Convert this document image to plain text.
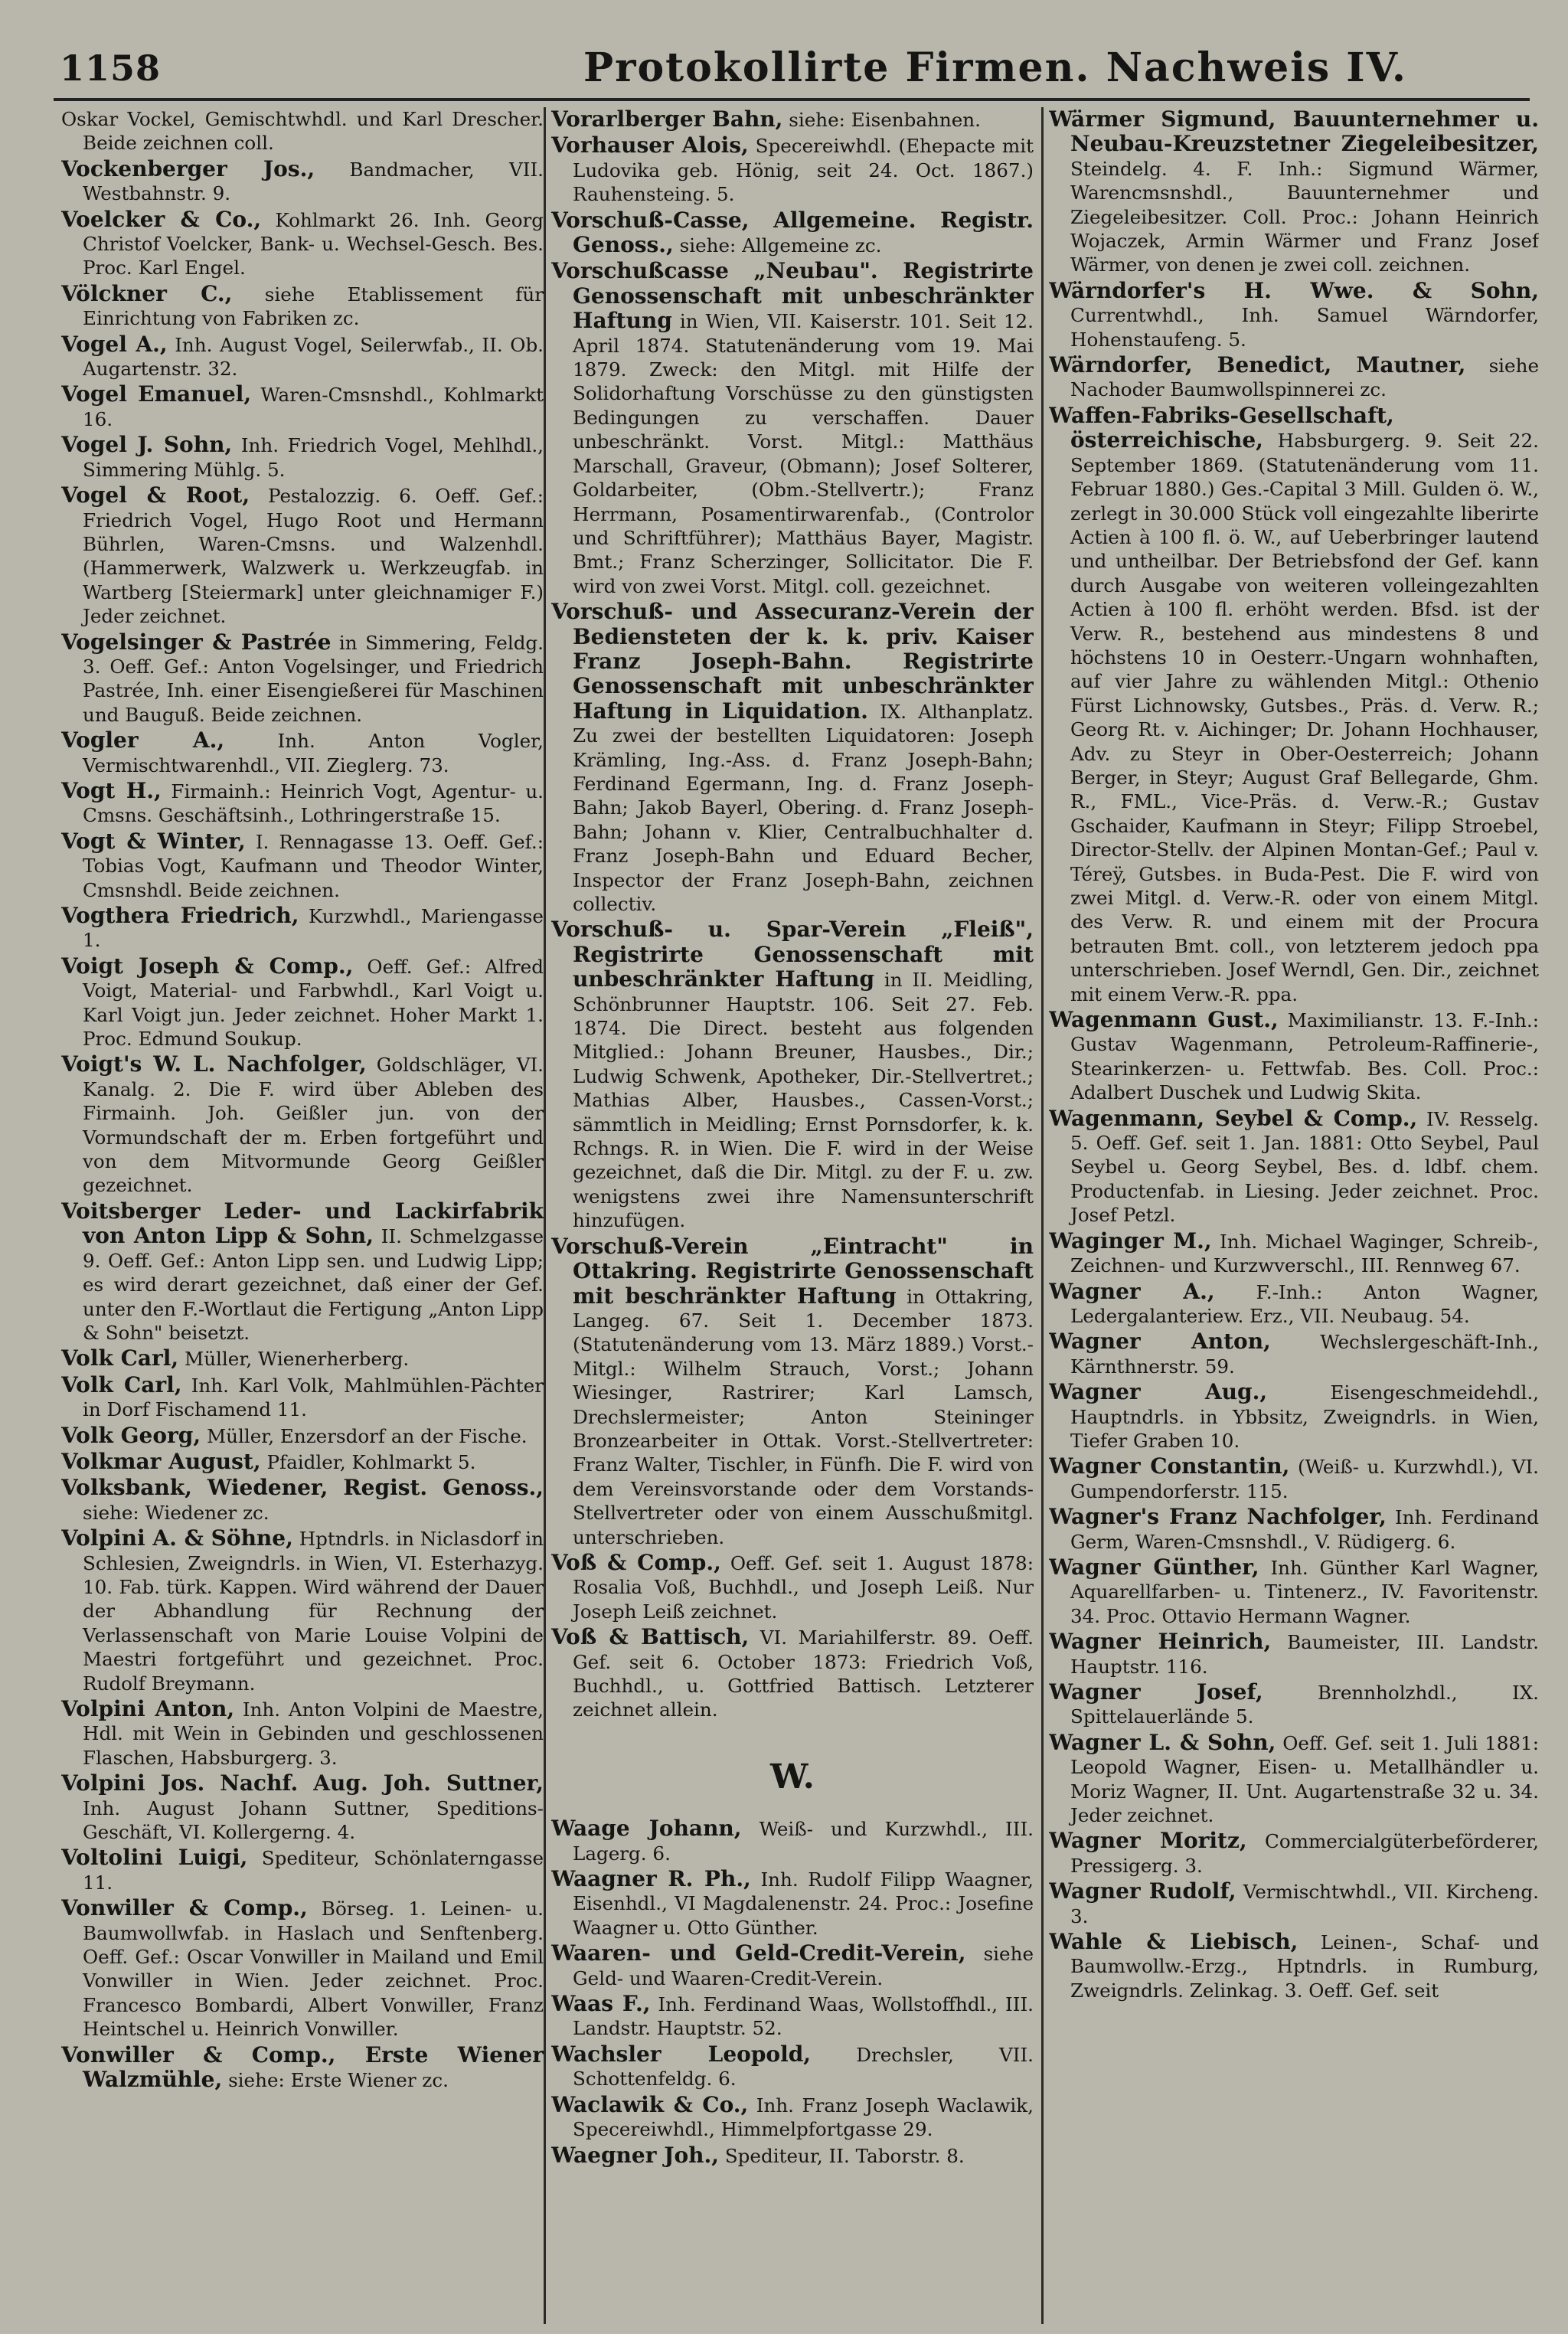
1158	Protokollirte Firmen. Nachweis IV.

Oskar Vockel, Gemischtwhdl. und Karl Drescher. Beide zeichnen coll.

Vockenberger Jos., Bandmacher, VII. Westbahnstr. 9.

Voelcker & Co., Kohlmarkt 26. Inh. Georg Christof Voelcker, Bank- u. Wechsel-Gesch. Bes. Proc. Karl Engel.

Völckner C., siehe Etablissement für Einrichtung von Fabriken zc.

Vogel A., Inh. August Vogel, Seilerwfab., II. Ob. Augartenstr. 32.

Vogel Emanuel, Waren-Cmsnshdl., Kohlmarkt 16.

Vogel J. Sohn, Inh. Friedrich Vogel, Mehlhdl., Simmering Mühlg. 5.

Vogel & Root, Pestalozzig. 6. Oeff. Gef.: Friedrich Vogel, Hugo Root und Hermann Bührlen, Waren-Cmsns. und Walzenhdl. (Hammerwerk, Walzwerk u. Werkzeugfab. in Wartberg [Steiermark] unter gleichnamiger F.) Jeder zeichnet.

Vogelsinger & Pastrée in Simmering, Feldg. 3. Oeff. Gef.: Anton Vogelsinger, und Friedrich Pastrée, Inh. einer Eisengießerei für Maschinen und Bauguß. Beide zeichnen.

Vogler A.,	Inh. Anton Vogler, Vermischtwarenhdl., VII. Zieglerg. 73.

Vogt H., Firmainh.: Heinrich Vogt, Agentur- u. Cmsns. Geschäftsinh., Lothringerstraße 15.

Vogt & Winter, I. Rennagasse 13. Oeff. Gef.: Tobias Vogt, Kaufmann und Theodor Winter, Cmsnshdl. Beide zeichnen.

Vogthera Friedrich, Kurzwhdl., Mariengasse 1.

Voigt Joseph & Comp., Oeff. Gef.: Alfred Voigt, Material- und Farbwhdl., Karl Voigt u. Karl Voigt jun. Jeder zeichnet. Hoher Markt 1. Proc. Edmund Soukup.

Voigt's W. L. Nachfolger, Goldschläger, VI. Kanalg. 2. Die F. wird über Ableben des Firmainh. Joh. Geißler jun. von der Vormundschaft der m. Erben fortgeführt und von dem Mitvormunde Georg Geißler gezeichnet.

Voitsberger Leder- und Lackirfabrik von Anton Lipp & Sohn, II. Schmelzgasse 9. Oeff. Gef.: Anton Lipp sen. und Ludwig Lipp; es wird derart gezeichnet, daß einer der Gef. unter den F.-Wortlaut die Fertigung „Anton Lipp & Sohn" beisetzt.

Volk Carl, Müller, Wienerherberg.

Volk Carl, Inh. Karl Volk, Mahlmühlen-Pächter in Dorf Fischamend 11.

Volk Georg, Müller, Enzersdorf an der Fische.

Volkmar August, Pfaidler, Kohlmarkt 5.

Volksbank, Wiedener, Regist. Genoss., siehe: Wiedener zc.

Volpini A. & Söhne, Hptndrls. in Niclasdorf in Schlesien, Zweigndrls. in Wien, VI. Esterhazyg. 10. Fab. türk. Kappen. Wird während der Dauer der Abhandlung für Rechnung der Verlassenschaft von Marie Louise Volpini de Maestri fortgeführt und gezeichnet. Proc. Rudolf Breymann.

Volpini Anton, Inh. Anton Volpini de Maestre, Hdl. mit Wein in Gebinden und geschlossenen Flaschen, Habsburgerg. 3.

Volpini Jos. Nachf. Aug. Joh. Suttner, Inh. August Johann Suttner, Speditions-Geschäft, VI. Kollergerng. 4.

Voltolini Luigi, Spediteur, Schönlaterngasse 11.

Vonwiller & Comp., Börseg. 1. Leinen- u. Baumwollwfab. in Haslach und Senftenberg. Oeff. Gef.: Oscar Vonwiller in Mailand und Emil Vonwiller in Wien. Jeder zeichnet. Proc. Francesco Bombardi, Albert Vonwiller, Franz Heintschel u. Heinrich Vonwiller.

Vonwiller & Comp., Erste Wiener Walzmühle, siehe: Erste Wiener zc.

Vorarlberger Bahn, siehe: Eisenbahnen.

Vorhauser Alois, Specereiwhdl. (Ehepacte mit Ludovika geb. Hönig, seit 24. Oct. 1867.) Rauhensteing. 5.

Vorschuß-Casse, Allgemeine. Registr. Genoss., siehe: Allgemeine zc.

Vorschußcasse „Neubau". Registrirte Genossenschaft mit unbeschränkter Haftung in Wien, VII. Kaiserstr. 101. Seit 12. April 1874. Statutenänderung vom 19. Mai 1879. Zweck: den Mitgl. mit Hilfe der Solidorhaftung Vorschüsse zu den günstigsten Bedingungen zu verschaffen. Dauer unbeschränkt. Vorst. Mitgl.: Matthäus Marschall, Graveur, (Obmann); Josef Solterer, Goldarbeiter, (Obm.-Stellvertr.); Franz Herrmann, Posamentirwarenfab., (Controlor und Schriftführer); Matthäus Bayer, Magistr. Bmt.; Franz Scherzinger, Sollicitator. Die F. wird von zwei Vorst. Mitgl. coll. gezeichnet.

Vorschuß- und Assecuranz-Verein der Bediensteten der k. k. priv. Kaiser Franz Joseph-Bahn. Registrirte Genossenschaft mit unbeschränkter Haftung in Liquidation. IX. Althanplatz. Zu zwei der bestellten Liquidatoren: Joseph Krämling, Ing.-Ass. d. Franz Joseph-Bahn; Ferdinand Egermann, Ing. d. Franz Joseph-Bahn; Jakob Bayerl, Obering. d. Franz Joseph-Bahn; Johann v. Klier, Centralbuchhalter d. Franz Joseph-Bahn und Eduard Becher, Inspector der Franz Joseph-Bahn, zeichnen collectiv.

Vorschuß- u. Spar-Verein „Fleiß", Registrirte Genossenschaft mit unbeschränkter Haftung in II. Meidling, Schönbrunner Hauptstr. 106. Seit 27. Feb. 1874. Die Direct. besteht aus folgenden Mitglied.: Johann Breuner, Hausbes., Dir.; Ludwig Schwenk, Apotheker, Dir.-Stellvertret.; Mathias Alber, Hausbes., Cassen-Vorst.; sämmtlich in Meidling; Ernst Pornsdorfer, k. k. Rchngs. R. in Wien. Die F. wird in der Weise gezeichnet, daß die Dir. Mitgl. zu der F. u. zw. wenigstens zwei ihre Namensunterschrift hinzufügen.

Vorschuß-Verein „Eintracht" in Ottakring. Registrirte Genossenschaft mit beschränkter Haftung in Ottakring, Langeg. 67. Seit 1. December 1873. (Statutenänderung vom 13. März 1889.) Vorst.-Mitgl.: Wilhelm Strauch, Vorst.; Johann Wiesinger, Rastrirer; Karl Lamsch, Drechslermeister; Anton Steininger Bronzearbeiter in Ottak. Vorst.-Stellvertreter: Franz Walter, Tischler, in Fünfh. Die F. wird von dem Vereinsvorstande oder dem Vorstands-Stellvertreter oder von einem Ausschußmitgl. unterschrieben.

Voß & Comp., Oeff. Gef. seit 1. August 1878: Rosalia Voß, Buchhdl., und Joseph Leiß. Nur Joseph Leiß zeichnet.

Voß & Battisch, VI. Mariahilferstr. 89. Oeff. Gef. seit 6. October 1873: Friedrich Voß, Buchhdl., u. Gottfried Battisch. Letzterer zeichnet allein.

W.

Waage Johann, Weiß- und Kurzwhdl., III. Lagerg. 6.

Waagner R. Ph., Inh. Rudolf Filipp Waagner, Eisenhdl., VI Magdalenenstr. 24. Proc.: Josefine Waagner u. Otto Günther.

Waaren- und Geld-Credit-Verein, siehe Geld- und Waaren-Credit-Verein.

Waas F., Inh. Ferdinand Waas, Wollstoffhdl., III. Landstr. Hauptstr. 52.

Wachsler Leopold, Drechsler, VII. Schottenfeldg. 6.

Waclawik & Co., Inh. Franz Joseph Waclawik, Specereiwhdl., Himmelpfortgasse 29.

Waegner Joh., Spediteur, II. Taborstr. 8.

Wärmer Sigmund, Bauunternehmer u. Neubau-Kreuzstetner Ziegeleibesitzer, Steindelg. 4. F. Inh.: Sigmund Wärmer, Warencmsnshdl., Bauunternehmer und Ziegeleibesitzer. Coll. Proc.: Johann Heinrich Wojaczek, Armin Wärmer und Franz Josef Wärmer, von denen je zwei coll. zeichnen.

Wärndorfer's H. Wwe. & Sohn, Currentwhdl., Inh. Samuel Wärndorfer, Hohenstaufeng. 5.

Wärndorfer, Benedict, Mautner, siehe Nachoder Baumwollspinnerei zc.

Waffen-Fabriks-Gesellschaft, österreichische, Habsburgerg. 9. Seit 22. September 1869. (Statutenänderung vom 11. Februar 1880.) Ges.-Capital 3 Mill. Gulden ö. W., zerlegt in 30.000 Stück voll eingezahlte liberirte Actien à 100 fl. ö. W., auf Ueberbringer lautend und untheilbar. Der Betriebsfond der Gef. kann durch Ausgabe von weiteren volleingezahlten Actien à 100 fl. erhöht werden. Bfsd. ist der Verw. R., bestehend aus mindestens 8 und höchstens 10 in Oesterr.-Ungarn wohnhaften, auf vier Jahre zu wählenden Mitgl.: Othenio Fürst Lichnowsky, Gutsbes., Präs. d. Verw. R.; Georg Rt. v. Aichinger; Dr. Johann Hochhauser, Adv. zu Steyr in Ober-Oesterreich; Johann Berger, in Steyr; August Graf Bellegarde, Ghm. R., FML., Vice-Präs. d. Verw.-R.; Gustav Gschaider, Kaufmann in Steyr; Filipp Stroebel, Director-Stellv. der Alpinen Montan-Gef.; Paul v. Téreÿ, Gutsbes. in Buda-Pest. Die F. wird von zwei Mitgl. d. Verw.-R. oder von einem Mitgl. des Verw. R. und einem mit der Procura betrauten Bmt. coll., von letzterem jedoch ppa unterschrieben. Josef Werndl, Gen. Dir., zeichnet mit einem Verw.-R. ppa.

Wagenmann Gust., Maximilianstr. 13. F.-Inh.: Gustav Wagenmann, Petroleum-Raffinerie-, Stearinkerzen- u. Fettwfab. Bes. Coll. Proc.: Adalbert Duschek und Ludwig Skita.

Wagenmann, Seybel & Comp., IV. Resselg. 5. Oeff. Gef. seit 1. Jan. 1881: Otto Seybel, Paul Seybel u. Georg Seybel, Bes. d. ldbf. chem. Productenfab. in Liesing. Jeder zeichnet. Proc. Josef Petzl.

Waginger M., Inh. Michael Waginger, Schreib-, Zeichnen- und Kurzwverschl., III. Rennweg 67.

Wagner A., F.-Inh.: Anton Wagner, Ledergalanteriew. Erz., VII. Neubaug. 54.

Wagner Anton,	Wechslergeschäft-Inh., Kärnthnerstr. 59.

Wagner Aug.,	Eisengeschmeidehdl., Hauptndrls. in Ybbsitz, Zweigndrls. in Wien, Tiefer Graben 10.

Wagner Constantin, (Weiß- u. Kurzwhdl.), VI. Gumpendorferstr. 115.

Wagner's Franz Nachfolger, Inh. Ferdinand Germ, Waren-Cmsnshdl., V. Rüdigerg. 6.

Wagner Günther, Inh. Günther Karl Wagner, Aquarellfarben- u. Tintenerz., IV. Favoritenstr. 34. Proc. Ottavio Hermann Wagner.

Wagner Heinrich, Baumeister, III. Landstr. Hauptstr. 116.

Wagner Josef,	Brennholzhdl., IX. Spittelauerlände 5.

Wagner L. & Sohn, Oeff. Gef. seit 1. Juli 1881: Leopold Wagner, Eisen- u. Metallhändler u. Moriz Wagner, II. Unt. Augartenstraße 32 u. 34. Jeder zeichnet.

Wagner Moritz, Commercialgüterbeförderer, Pressigerg. 3.

Wagner Rudolf, Vermischtwhdl., VII. Kircheng. 3.

Wahle & Liebisch, Leinen-, Schaf- und Baumwollw.-Erzg., Hptndrls. in Rumburg, Zweigndrls. Zelinkag. 3. Oeff. Gef. seit
